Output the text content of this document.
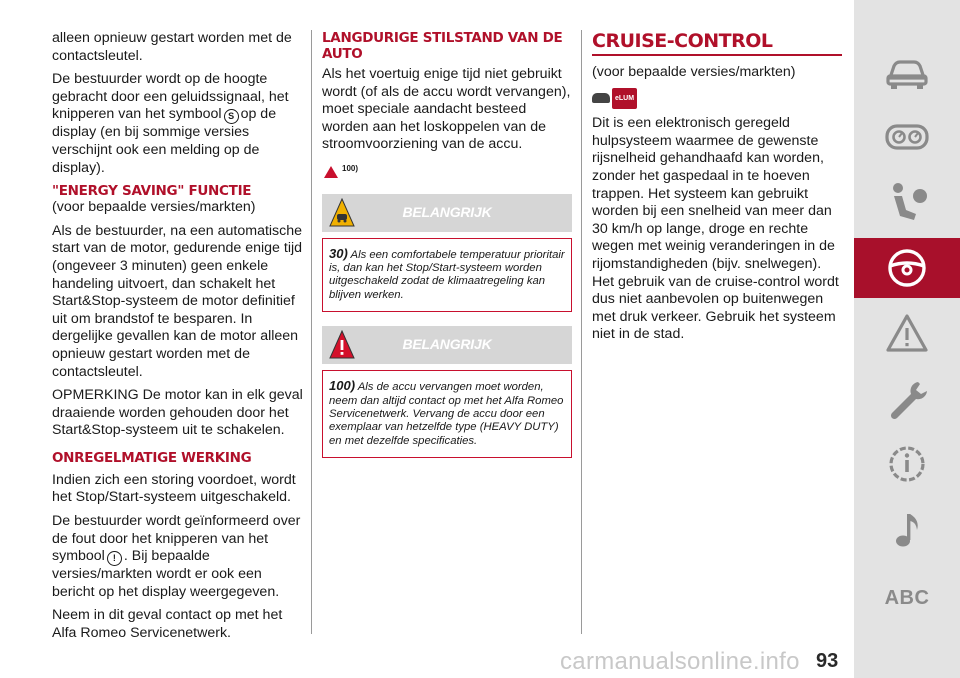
alleen opnieuw gestart worden met de contactsleutel.

De bestuurder wordt op de hoogte gebracht door een geluidssignaal, het knipperen van het symbool S op de display (en bij sommige versies verschijnt ook een melding op de display).

"ENERGY SAVING" FUNCTIE

(voor bepaalde versies/markten)

Als de bestuurder, na een automatische start van de motor, gedurende enige tijd (ongeveer 3 minuten) geen enkele handeling uitvoert, dan schakelt het Start&Stop-systeem de motor definitief uit om brandstof te besparen. In dergelijke gevallen kan de motor alleen opnieuw gestart worden met de contactsleutel.

OPMERKING De motor kan in elk geval draaiende worden gehouden door het Start&Stop-systeem uit te schakelen.

ONREGELMATIGE WERKING

Indien zich een storing voordoet, wordt het Stop/Start-systeem uitgeschakeld.

De bestuurder wordt geïnformeerd over de fout door het knipperen van het symbool ! . Bij bepaalde versies/markten wordt er ook een bericht op het display weergegeven.

Neem in dit geval contact op met het Alfa Romeo Servicenetwerk.

LANGDURIGE STILSTAND VAN DE AUTO

Als het voertuig enige tijd niet gebruikt wordt (of als de accu wordt vervangen), moet speciale aandacht besteed worden aan het loskoppelen van de stroomvoorziening van de accu.

100)
BELANGRIJK
30) Als een comfortabele temperatuur prioritair is, dan kan het Stop/Start-systeem worden uitgeschakeld zodat de klimaatregeling kan blijven werken.
BELANGRIJK
100) Als de accu vervangen moet worden, neem dan altijd contact op met het Alfa Romeo Servicenetwerk. Vervang de accu door een exemplaar van hetzelfde type (HEAVY DUTY) en met dezelfde specificaties.
CRUISE-CONTROL

(voor bepaalde versies/markten)

eLUM

Dit is een elektronisch geregeld hulpsysteem waarmee de gewenste rijsnelheid gehandhaafd kan worden, zonder het gaspedaal in te hoeven trappen. Het systeem kan gebruikt worden bij een snelheid van meer dan 30 km/h op lange, droge en rechte wegen met weinig veranderingen in de rijomstandigheden (bijv. snelwegen). Het gebruik van de cruise-control wordt dus niet aanbevolen op buitenwegen met druk verkeer. Gebruik het systeem niet in de stad.

ABC
carmanualsonline.info 93
